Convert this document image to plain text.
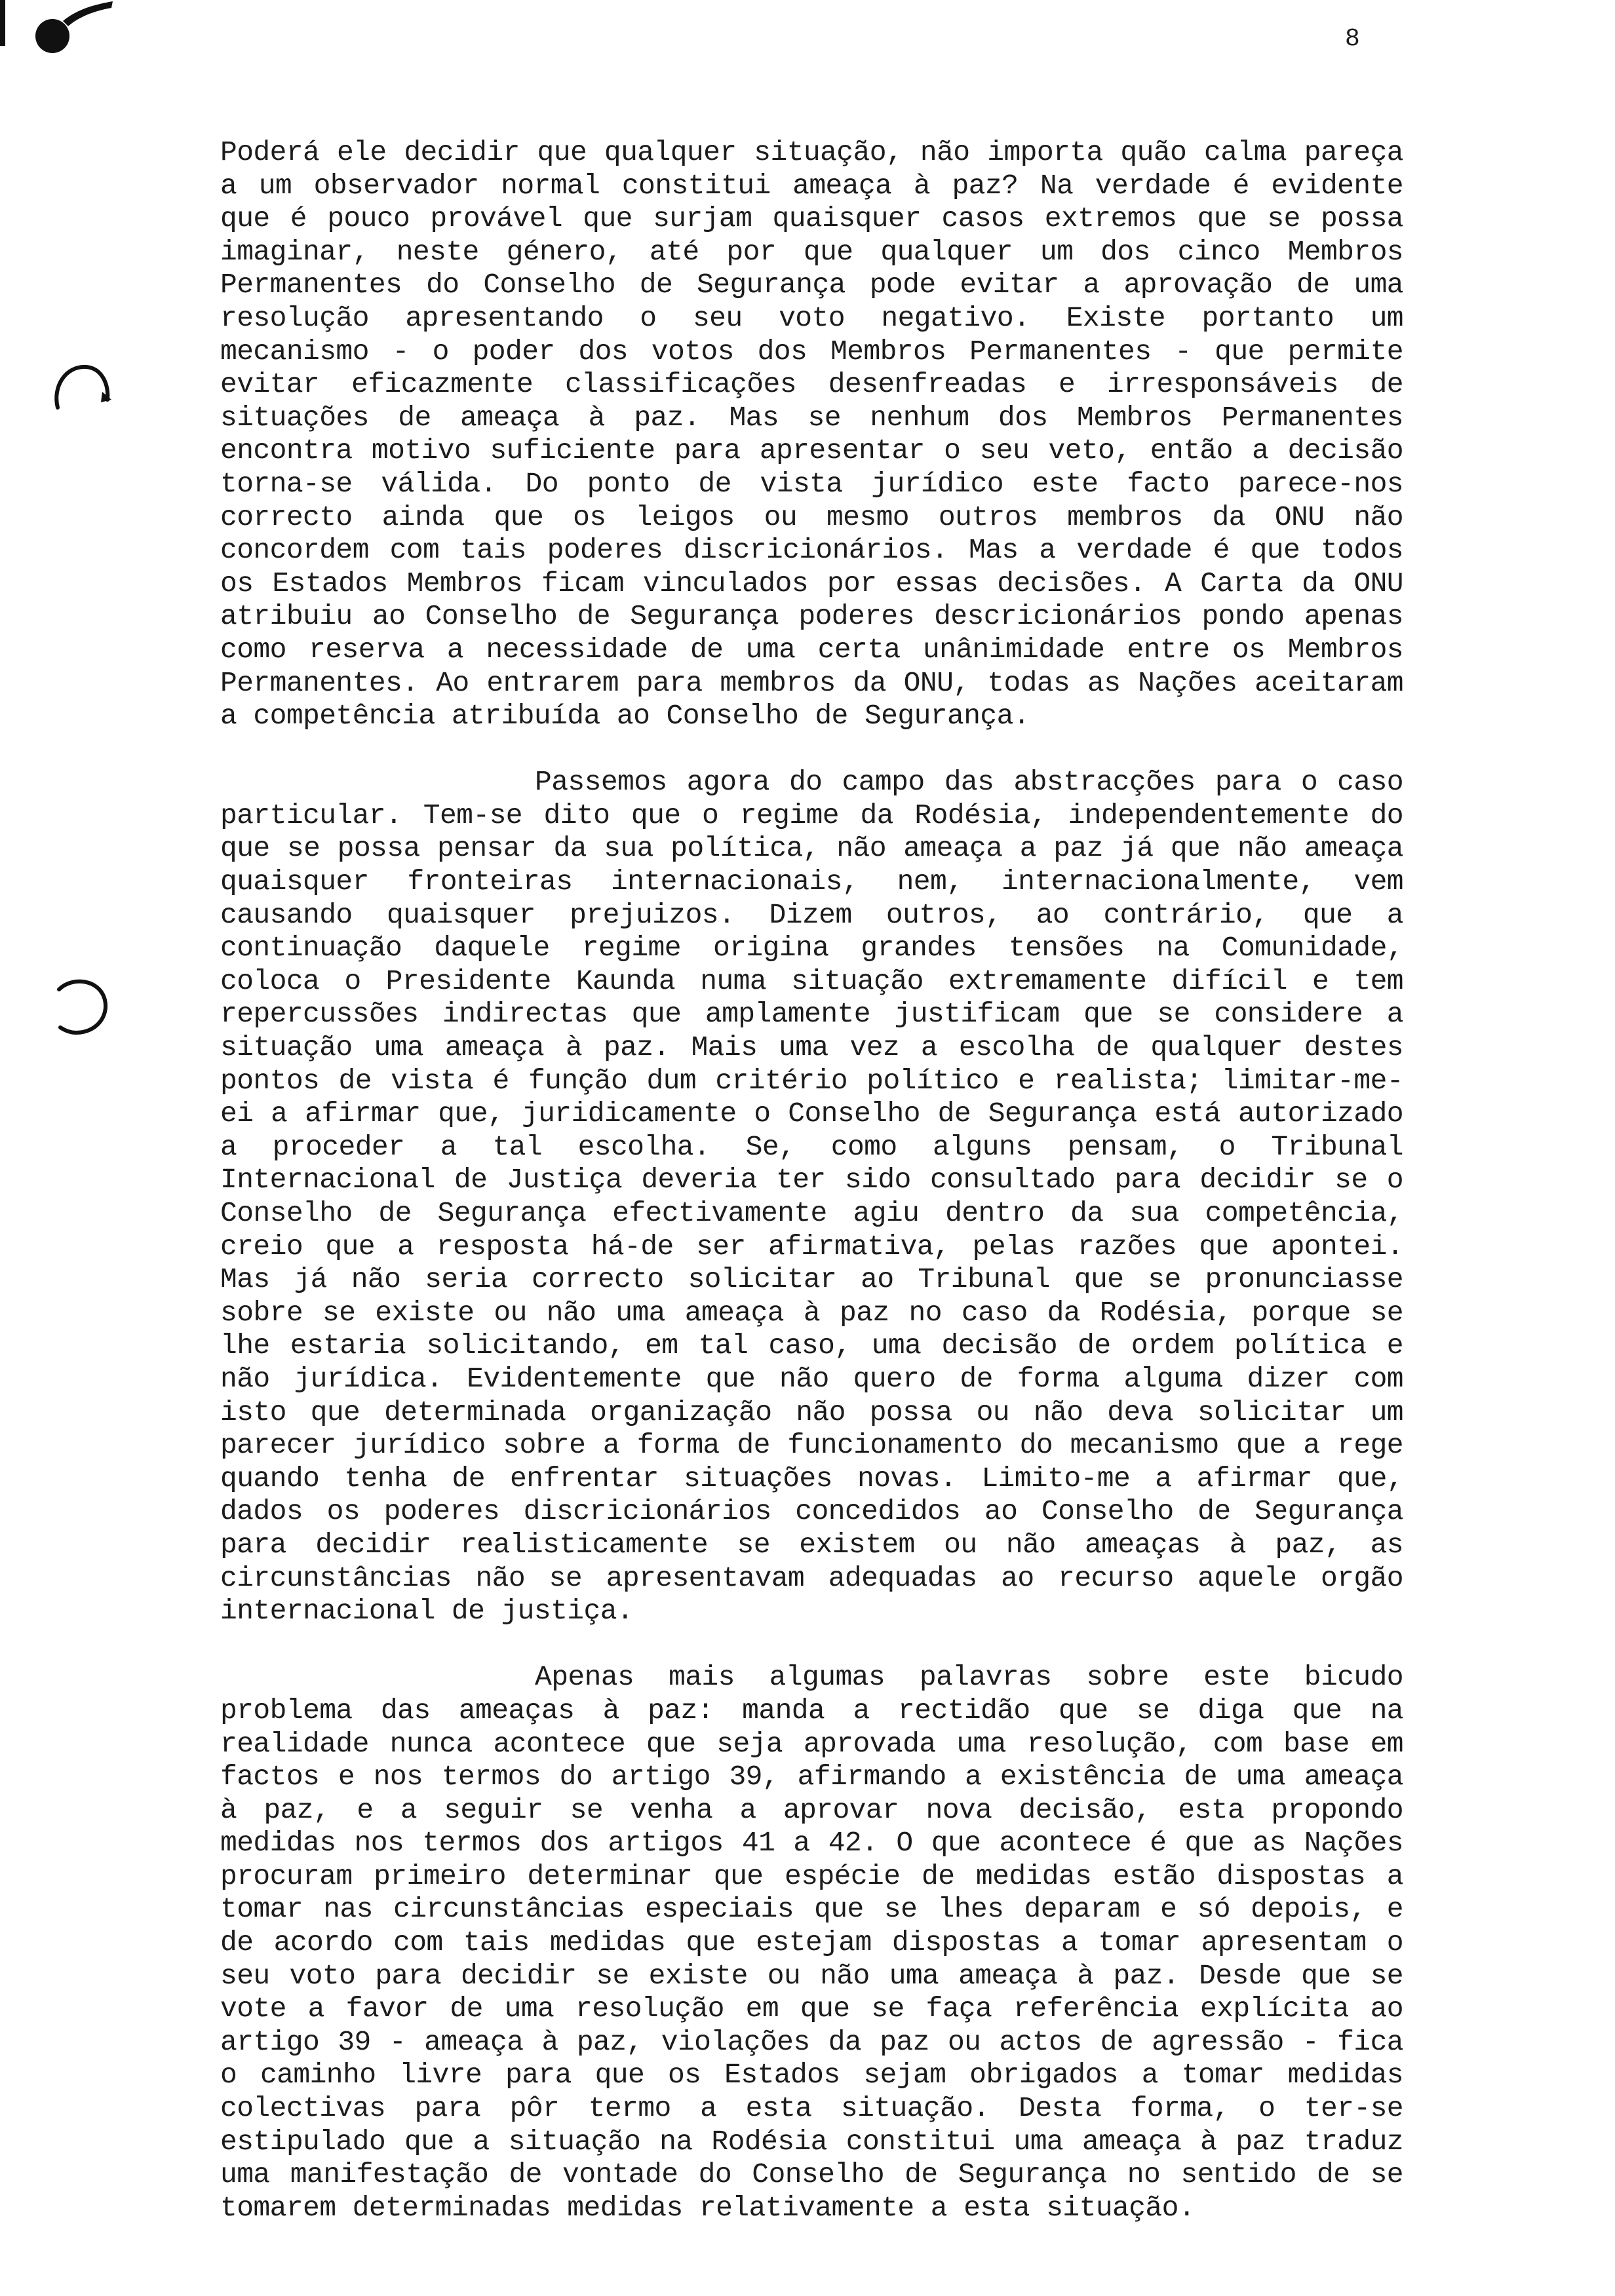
8

Poderá ele decidir que qualquer situação, não importa quão calma pareça a um observador normal constitui ameaça à paz? Na verdade é evidente que é pouco provável que surjam quaisquer casos extremos que se possa imaginar, neste género, até por que qualquer um dos cinco Membros Permanentes do Conselho de Segurança pode evitar a aprovação de uma resolução apresentando o seu voto negativo. Existe portanto um mecanismo - o poder dos votos dos Membros Permanentes - que permite evitar eficazmente classificações desenfreadas e irresponsáveis de situações de ameaça à paz. Mas se nenhum dos Membros Permanentes encontra motivo suficiente para apresentar o seu veto, então a decisão torna-se válida. Do ponto de vista jurídico este facto parece-nos correcto ainda que os leigos ou mesmo outros membros da ONU não concordem com tais poderes discricionários. Mas a verdade é que todos os Estados Membros ficam vinculados por essas decisões. A Carta da ONU atribuiu ao Conselho de Segurança poderes descricionários pondo apenas como reserva a necessidade de uma certa unânimidade entre os Membros Permanentes. Ao entrarem para membros da ONU, todas as Nações aceitaram a competência atribuída ao Conselho de Segurança.

Passemos agora do campo das abstracções para o caso particular. Tem-se dito que o regime da Rodésia, independentemente do que se possa pensar da sua política, não ameaça a paz já que não ameaça quaisquer fronteiras internacionais, nem, internacionalmente, vem causando quaisquer prejuizos. Dizem outros, ao contrário, que a continuação daquele regime origina grandes tensões na Comunidade, coloca o Presidente Kaunda numa situação extremamente difícil e tem repercussões indirectas que amplamente justificam que se considere a situação uma ameaça à paz. Mais uma vez a escolha de qualquer destes pontos de vista é função dum critério político e realista; limitar-me-ei a afirmar que, juridicamente o Conselho de Segurança está autorizado a proceder a tal escolha. Se, como alguns pensam, o Tribunal Internacional de Justiça deveria ter sido consultado para decidir se o Conselho de Segurança efectivamente agiu dentro da sua competência, creio que a resposta há-de ser afirmativa, pelas razões que apontei. Mas já não seria correcto solicitar ao Tribunal que se pronunciasse sobre se existe ou não uma ameaça à paz no caso da Rodésia, porque se lhe estaria solicitando, em tal caso, uma decisão de ordem política e não jurídica. Evidentemente que não quero de forma alguma dizer com isto que determinada organização não possa ou não deva solicitar um parecer jurídico sobre a forma de funcionamento do mecanismo que a rege quando tenha de enfrentar situações novas. Limito-me a afirmar que, dados os poderes discricionários concedidos ao Conselho de Segurança para decidir realisticamente se existem ou não ameaças à paz, as circunstâncias não se apresentavam adequadas ao recurso aquele orgão internacional de justiça.

Apenas mais algumas palavras sobre este bicudo problema das ameaças à paz: manda a rectidão que se diga que na realidade nunca acontece que seja aprovada uma resolução, com base em factos e nos termos do artigo 39, afirmando a existência de uma ameaça à paz, e a seguir se venha a aprovar nova decisão, esta propondo medidas nos termos dos artigos 41 a 42. O que acontece é que as Nações procuram primeiro determinar que espécie de medidas estão dispostas a tomar nas circunstâncias especiais que se lhes deparam e só depois, e de acordo com tais medidas que estejam dispostas a tomar apresentam o seu voto para decidir se existe ou não uma ameaça à paz. Desde que se vote a favor de uma resolução em que se faça referência explícita ao artigo 39 - ameaça à paz, violações da paz ou actos de agressão - fica o caminho livre para que os Estados sejam obrigados a tomar medidas colectivas para pôr termo a esta situação. Desta forma, o ter-se estipulado que a situação na Rodésia constitui uma ameaça à paz traduz uma manifestação de vontade do Conselho de Segurança no sentido de se tomarem determinadas medidas relativamente a esta situação.
